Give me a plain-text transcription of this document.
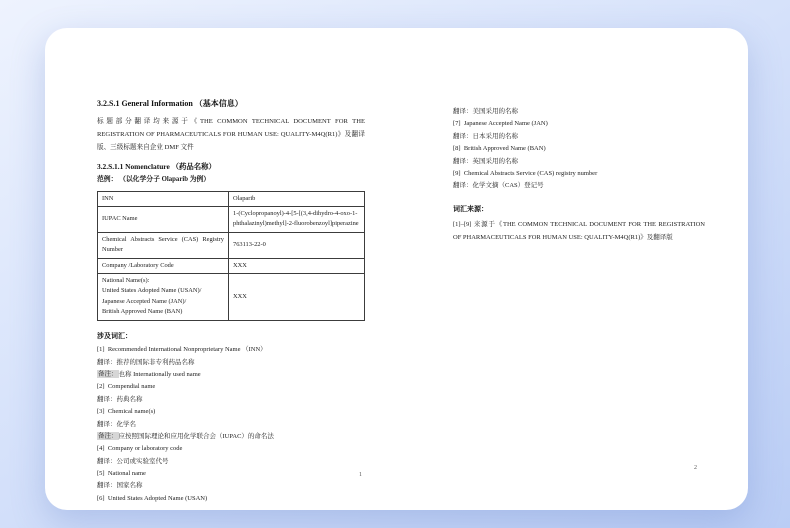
3.2.S.1 General Information （基本信息）

标题部分翻译均来源于《THE COMMON TECHNICAL DOCUMENT FOR THE REGISTRATION OF PHARMACEUTICALS FOR HUMAN USE: QUALITY-M4Q(R1)》及翻译版、三级标题来自企业 DMF 文件

3.2.S.1.1 Nomenclature （药品名称）

范例： （以化学分子 Olaparib 为例）

INN	Olaparib
IUPAC Name
1-(Cyclopropanoyl)-4-[5-[(3,4-dihydro-4-oxo-1-phthalazinyl)methyl]-2-fluorobenzoyl]piperazine
Chemical Abstracts Service (CAS) Registry Number
763113-22-0
Company /Laboratory Code	XXX
National Name(s):
United States Adopted Name (USAN)/
Japanese Accepted Name (JAN)/
British Approved Name (BAN)
XXX
涉及词汇：

[1]  Recommended International Nonproprietary Name （INN）

翻译：推荐的国际非专利药品名称

备注：也称 Internationally used name

[2]  Compendial name

翻译：药典名称

[3]  Chemical name(s)

翻译：化学名

备注：应按照国际理论和应用化学联合会（IUPAC）的命名法

[4]  Company or laboratory code

翻译：公司或实验室代号

[5]  National name

翻译：国家名称

[6]  United States Adopted Name (USAN)

翻译：美国采用的名称

[7]  Japanese Accepted Name (JAN)

翻译：日本采用的名称

[8]  British Approved Name (BAN)

翻译：英国采用的名称

[9]  Chemical Abstracts Service (CAS) registry number

翻译：化学文摘（CAS）登记号

词汇来源：

[1]–[9] 来源于《THE COMMON TECHNICAL DOCUMENT FOR THE REGISTRATION OF PHARMACEUTICALS FOR HUMAN USE: QUALITY-M4Q(R1)》及翻译版

1
2
